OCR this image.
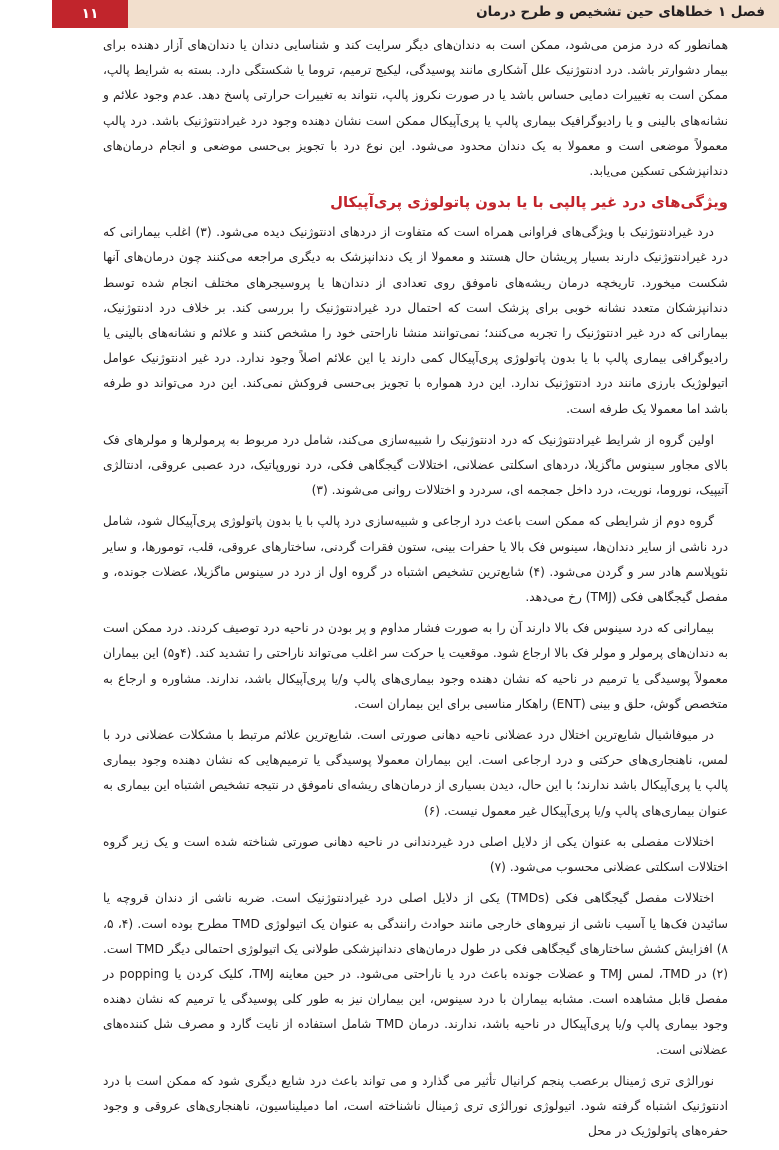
فصل ۱ خطاهای حین تشخیص و طرح درمان
۱۱

همانطور که درد مزمن می‌شود، ممکن است به دندان‌های دیگر سرایت کند و شناسایی دندان یا دندان‌های آزار دهنده برای بیمار دشوارتر باشد. درد ادنتوژنیک علل آشکاری مانند پوسیدگی، لیکیج ترمیم، تروما یا شکستگی دارد. بسته به شرایط پالپ، ممکن است به تغییرات دمایی حساس باشد یا در صورت نکروز پالپ، نتواند به تغییرات حرارتی پاسخ دهد. عدم وجود علائم و نشانه‌های بالینی و یا رادیوگرافیک بیماری پالپ یا پری‌آپیکال ممکن است نشان دهنده وجود درد غیرادنتوژنیک باشد. درد پالپ معمولاً موضعی است و معمولا به یک دندان محدود می‌شود. این نوع درد با تجویز بی‌حسی موضعی و انجام درمان‌های دندانپزشکی تسکین می‌یابد.

ویژگی‌های درد غیر پالپی با یا بدون پاتولوژی پری‌آپیکال

درد غیرادنتوژنیک با ویژگی‌های فراوانی همراه است که متفاوت از دردهای ادنتوژنیک دیده می‌شود. (۳) اغلب بیمارانی که درد غیرادنتوژنیک دارند بسیار پریشان حال هستند و معمولا از یک دندانپزشک به دیگری مراجعه می‌کنند چون درمان‌های آنها شکست میخورد. تاریخچه درمان ریشه‌های ناموفق روی تعدادی از دندان‌ها یا پروسیجرهای مختلف انجام شده توسط دندانپزشکان متعدد نشانه خوبی برای پزشک است که احتمال درد غیرادنتوژنیک را بررسی کند. بر خلاف درد ادنتوژنیک، بیمارانی که درد غیر ادنتوژنیک را تجربه می‌کنند؛ نمی‌توانند منشا ناراحتی خود را مشخص کنند و علائم و نشانه‌های بالینی یا رادیوگرافی بیماری پالپ با یا بدون پاتولوژی پری‌آپیکال کمی دارند یا این علائم اصلاً وجود ندارد. درد غیر ادنتوژنیک عوامل اتیولوژیک بارزی مانند درد ادنتوژنیک ندارد. این درد همواره با تجویز بی‌حسی فروکش نمی‌کند. این درد می‌تواند دو طرفه باشد اما معمولا یک طرفه است.

اولین گروه از شرایط غیرادنتوژنیک که درد ادنتوژنیک را شبیه‌سازی می‌کند، شامل درد مربوط به پرمولرها و مولرهای فک بالای مجاور سینوس ماگزیلا، دردهای اسکلتی عضلانی، اختلالات گیجگاهی فکی، درد نوروپاتیک، درد عصبی عروقی، ادنتالژی آتیپیک، نوروما، نوریت، درد داخل جمجمه ای، سردرد و اختلالات روانی می‌شوند. (۳)

گروه دوم از شرایطی که ممکن است باعث درد ارجاعی و شبیه‌سازی درد پالپ با یا بدون پاتولوژی پری‌آپیکال شود، شامل درد ناشی از سایر دندان‌ها، سینوس فک بالا یا حفرات بینی، ستون فقرات گردنی، ساختارهای عروقی، قلب، تومورها، و سایر نئوپلاسم هادر سر و گردن می‌شود. (۴) شایع‌ترین تشخیص اشتباه در گروه اول از درد در سینوس ماگزیلا، عضلات جونده، و مفصل گیجگاهی فکی (TMJ) رخ می‌دهد.

بیمارانی که درد سینوس فک بالا دارند آن را به صورت فشار مداوم و پر بودن در ناحیه درد توصیف کردند. درد ممکن است به دندان‌های پرمولر و مولر فک بالا ارجاع شود. موقعیت یا حرکت سر اغلب می‌تواند ناراحتی را تشدید کند. (۴و۵) این بیماران معمولاً پوسیدگی یا ترمیم در ناحیه که نشان دهنده وجود بیماری‌های پالپ و/یا پری‌آپیکال باشد، ندارند. مشاوره و ارجاع به متخصص گوش، حلق و بینی (ENT) راهکار مناسبی برای این بیماران است.

در میوفاشیال شایع‌ترین اختلال درد عضلانی ناحیه دهانی صورتی است. شایع‌ترین علائم مرتبط با مشکلات عضلانی درد با لمس، ناهنجاری‌های حرکتی و درد ارجاعی است. این بیماران معمولا پوسیدگی یا ترمیم‌هایی که نشان دهنده وجود بیماری پالپ یا پری‌آپیکال باشد ندارند؛ با این حال، دیدن بسیاری از درمان‌های ریشه‌ای ناموفق در نتیجه تشخیص اشتباه این بیماری به عنوان بیماری‌های پالپ و/یا پری‌آپیکال غیر معمول نیست. (۶)

اختلالات مفصلی به عنوان یکی از دلایل اصلی درد غیردندانی در ناحیه دهانی صورتی شناخته شده است و یک زیر گروه اختلالات اسکلتی عضلانی محسوب می‌شود. (۷)

اختلالات مفصل گیجگاهی فکی (TMDs) یکی از دلایل اصلی درد غیرادنتوژنیک است. ضربه ناشی از دندان قروچه یا سائیدن فک‌ها یا آسیب ناشی از نیروهای خارجی مانند حوادث رانندگی به عنوان یک اتیولوژی TMD مطرح بوده است. (۴، ۵، ۸) افزایش کشش ساختارهای گیجگاهی فکی در طول درمان‌های دندانپزشکی طولانی یک اتیولوژی احتمالی دیگر TMD است. (۲) در TMD، لمس TMJ و عضلات جونده باعث درد یا ناراحتی می‌شود. در حین معاینه TMJ، کلیک کردن یا popping در مفصل قابل مشاهده است. مشابه بیماران با درد سینوس، این بیماران نیز به طور کلی پوسیدگی یا ترمیم که نشان دهنده وجود بیماری پالپ و/یا پری‌آپیکال در ناحیه باشد، ندارند. درمان TMD شامل استفاده از نایت گارد و مصرف شل کننده‌های عضلانی است.

نورالژی تری ژمینال برعصب پنجم کرانیال تأثیر می گذارد و می تواند باعث درد شایع دیگری شود که ممکن است با درد ادنتوژنیک اشتباه گرفته شود. اتیولوژی نورالژی تری ژمینال ناشناخته است، اما دمیلیناسیون، ناهنجاری‌های عروقی و وجود حفره‌های پاتولوژیک در محل
